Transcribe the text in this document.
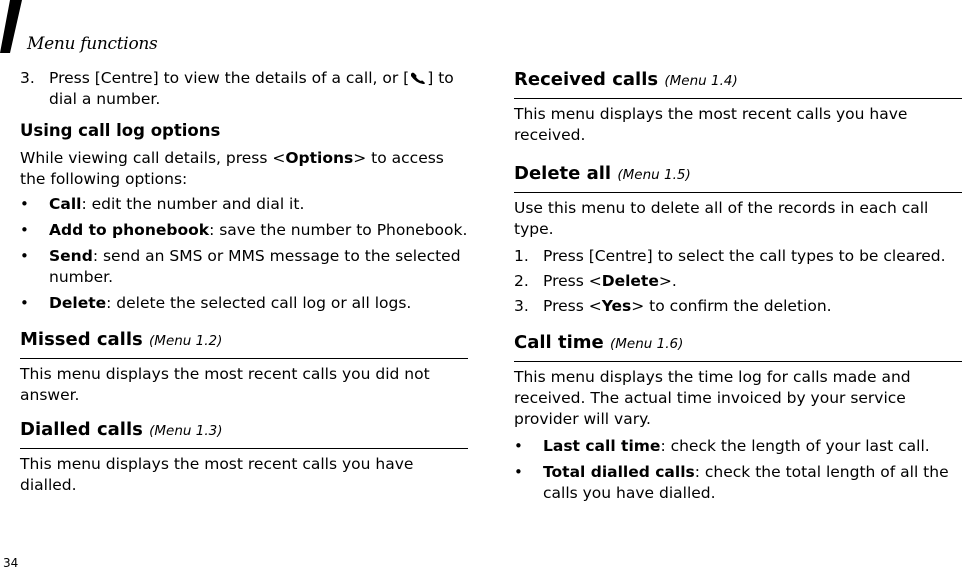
Menu functions
3. Press [Centre] to view the details of a call, or [ ] to dial a number.

Using call log options

While viewing call details, press <Options> to access the following options:

• Call: edit the number and dial it.
• Add to phonebook: save the number to Phonebook.
• Send: send an SMS or MMS message to the selected number.
• Delete: delete the selected call log or all logs.
Missed calls (Menu 1.2)

This menu displays the most recent calls you did not answer.

Dialled calls (Menu 1.3)

This menu displays the most recent calls you have dialled.

Received calls (Menu 1.4)

This menu displays the most recent calls you have received.

Delete all (Menu 1.5)

Use this menu to delete all of the records in each call type.

1. Press [Centre] to select the call types to be cleared.
2. Press <Delete>.
3. Press <Yes> to confirm the deletion.
Call time (Menu 1.6)

This menu displays the time log for calls made and received. The actual time invoiced by your service provider will vary.

• Last call time: check the length of your last call.
• Total dialled calls: check the total length of all the calls you have dialled.
34
